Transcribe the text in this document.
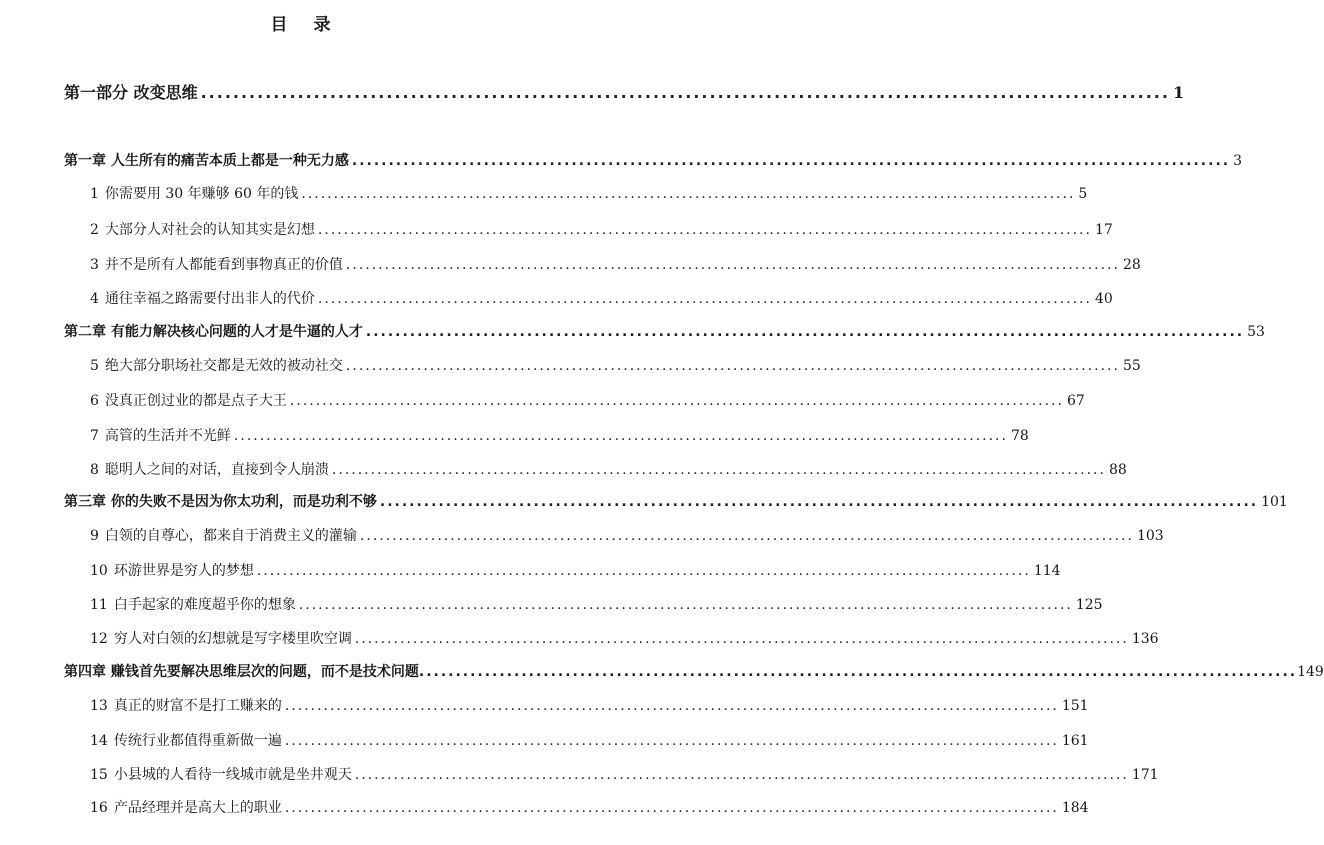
目 录
第一部分 改变思维 ........................................................................................................................ 1
第一章 人生所有的痛苦本质上都是一种无力感 ........................................................................................................................ 3
1 你需要用 30 年赚够 60 年的钱 ........................................................................................................................ 5
2 大部分人对社会的认知其实是幻想 ........................................................................................................................ 17
3 并不是所有人都能看到事物真正的价值 ........................................................................................................................ 28
4 通往幸福之路需要付出非人的代价 ........................................................................................................................ 40
第二章 有能力解决核心问题的人才是牛逼的人才 ........................................................................................................................ 53
5 绝大部分职场社交都是无效的被动社交 ........................................................................................................................ 55
6 没真正创过业的都是点子大王 ........................................................................................................................ 67
7 高管的生活并不光鲜 ........................................................................................................................ 78
8 聪明人之间的对话，直接到令人崩溃 ........................................................................................................................ 88
第三章 你的失败不是因为你太功利，而是功利不够 ........................................................................................................................ 101
9 白领的自尊心，都来自于消费主义的灌输 ........................................................................................................................ 103
10 环游世界是穷人的梦想 ........................................................................................................................ 114
11 白手起家的难度超乎你的想象 ........................................................................................................................ 125
12 穷人对白领的幻想就是写字楼里吹空调 ........................................................................................................................ 136
第四章 赚钱首先要解决思维层次的问题，而不是技术问题 ........................................................................................................................ 149
13 真正的财富不是打工赚来的 ........................................................................................................................ 151
14 传统行业都值得重新做一遍 ........................................................................................................................ 161
15 小县城的人看待一线城市就是坐井观天 ........................................................................................................................ 171
16 产品经理并是高大上的职业 ........................................................................................................................ 184
